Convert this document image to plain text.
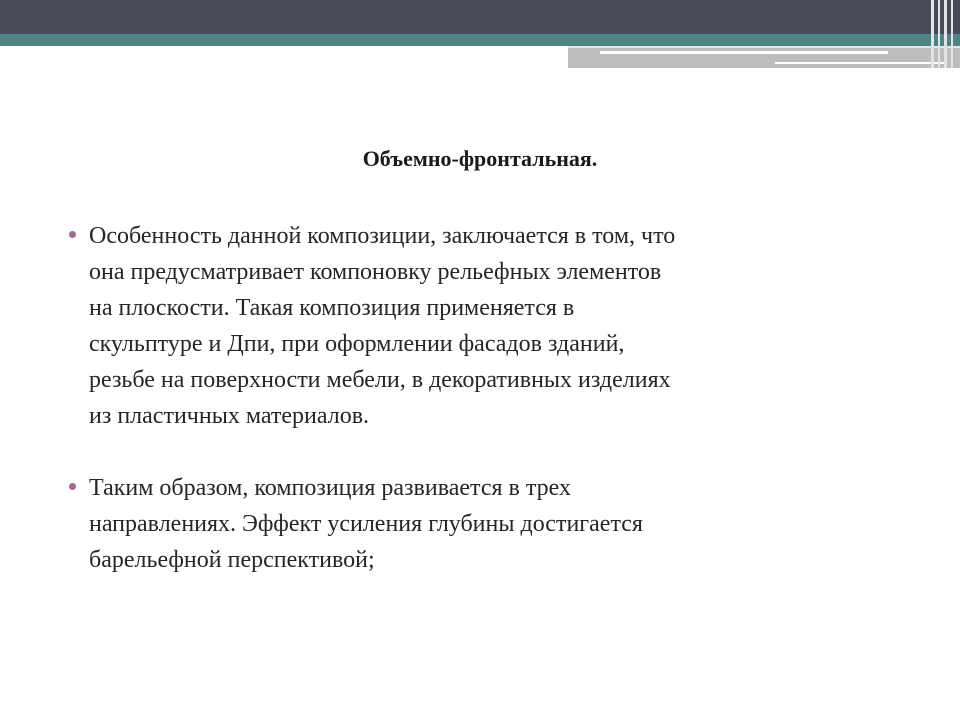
Объемно-фронтальная.
Особенность данной композиции, заключается в том, что
она предусматривает компоновку рельефных элементов
на плоскости. Такая композиция применяется в
скульптуре и Дпи, при оформлении фасадов зданий,
резьбе на поверхности мебели, в декоративных изделиях
из пластичных материалов.
Таким образом, композиция развивается в трех
направлениях. Эффект усиления глубины достигается
барельефной перспективой;
